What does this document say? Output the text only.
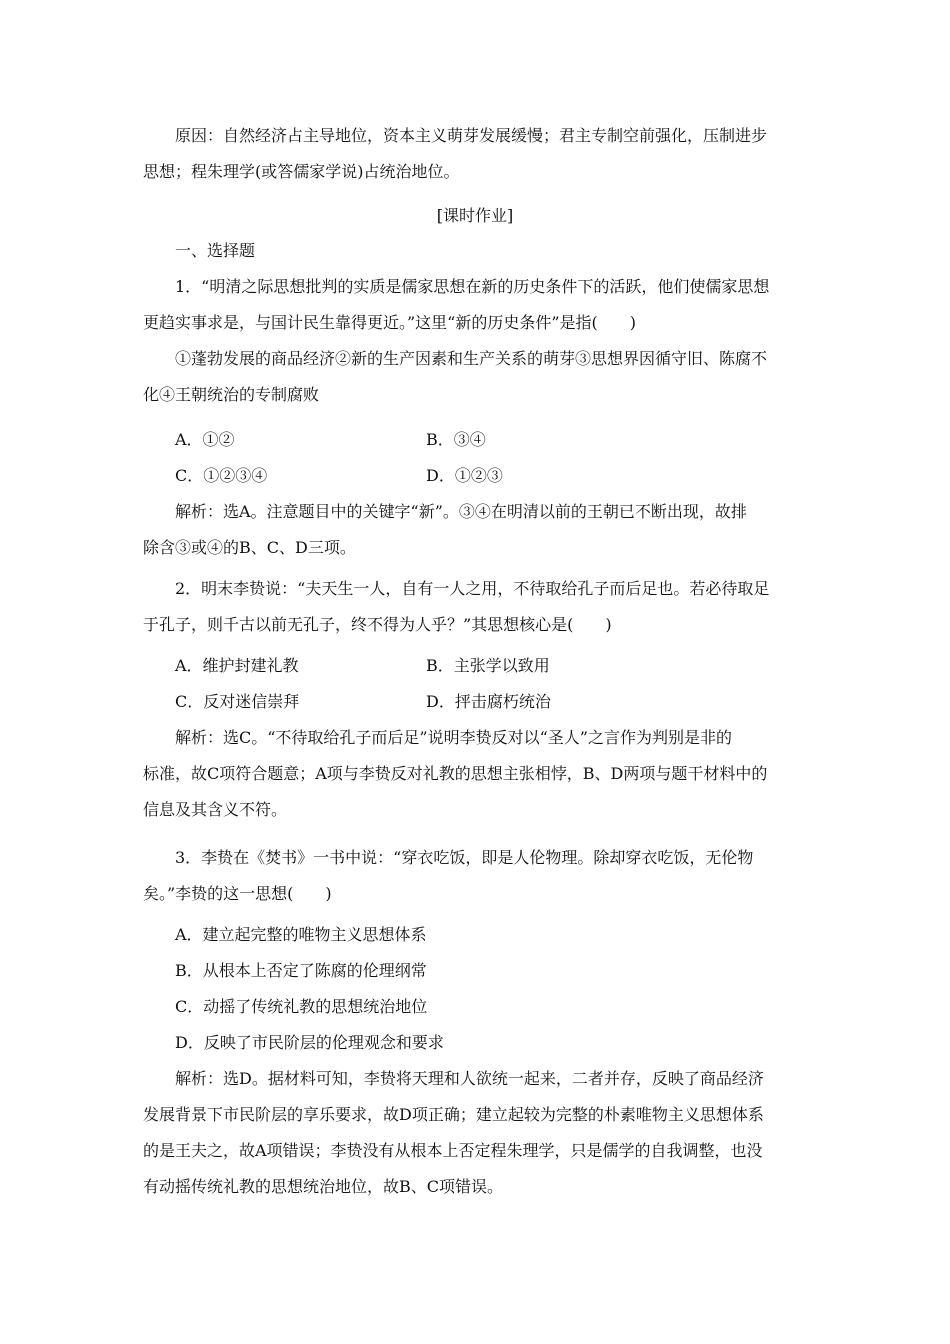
原因：自然经济占主导地位，资本主义萌芽发展缓慢；君主专制空前强化，压制进步

思想；程朱理学(或答儒家学说)占统治地位。

[课时作业]
一、选择题

1．“明清之际思想批判的实质是儒家思想在新的历史条件下的活跃，他们使儒家思想

更趋实事求是，与国计民生靠得更近。”这里“新的历史条件”是指(　　)

①蓬勃发展的商品经济②新的生产因素和生产关系的萌芽③思想界因循守旧、陈腐不

化④王朝统治的专制腐败

A．①②	B．③④
C．①②③④	D．①②③

解析：选A。注意题目中的关键字“新”。③④在明清以前的王朝已不断出现，故排

除含③或④的B、C、D三项。

2．明末李贽说：“夫天生一人，自有一人之用，不待取给孔子而后足也。若必待取足

于孔子，则千古以前无孔子，终不得为人乎？”其思想核心是(　　)

A．维护封建礼教	B．主张学以致用
C．反对迷信崇拜	D．抨击腐朽统治

解析：选C。“不待取给孔子而后足”说明李贽反对以“圣人”之言作为判别是非的

标准，故C项符合题意；A项与李贽反对礼教的思想主张相悖，B、D两项与题干材料中的

信息及其含义不符。

3．李贽在《焚书》一书中说：“穿衣吃饭，即是人伦物理。除却穿衣吃饭，无伦物

矣。”李贽的这一思想(　　)

A．建立起完整的唯物主义思想体系
B．从根本上否定了陈腐的伦理纲常
C．动摇了传统礼教的思想统治地位
D．反映了市民阶层的伦理观念和要求

解析：选D。据材料可知，李贽将天理和人欲统一起来，二者并存，反映了商品经济

发展背景下市民阶层的享乐要求，故D项正确；建立起较为完整的朴素唯物主义思想体系

的是王夫之，故A项错误；李贽没有从根本上否定程朱理学，只是儒学的自我调整，也没

有动摇传统礼教的思想统治地位，故B、C项错误。
